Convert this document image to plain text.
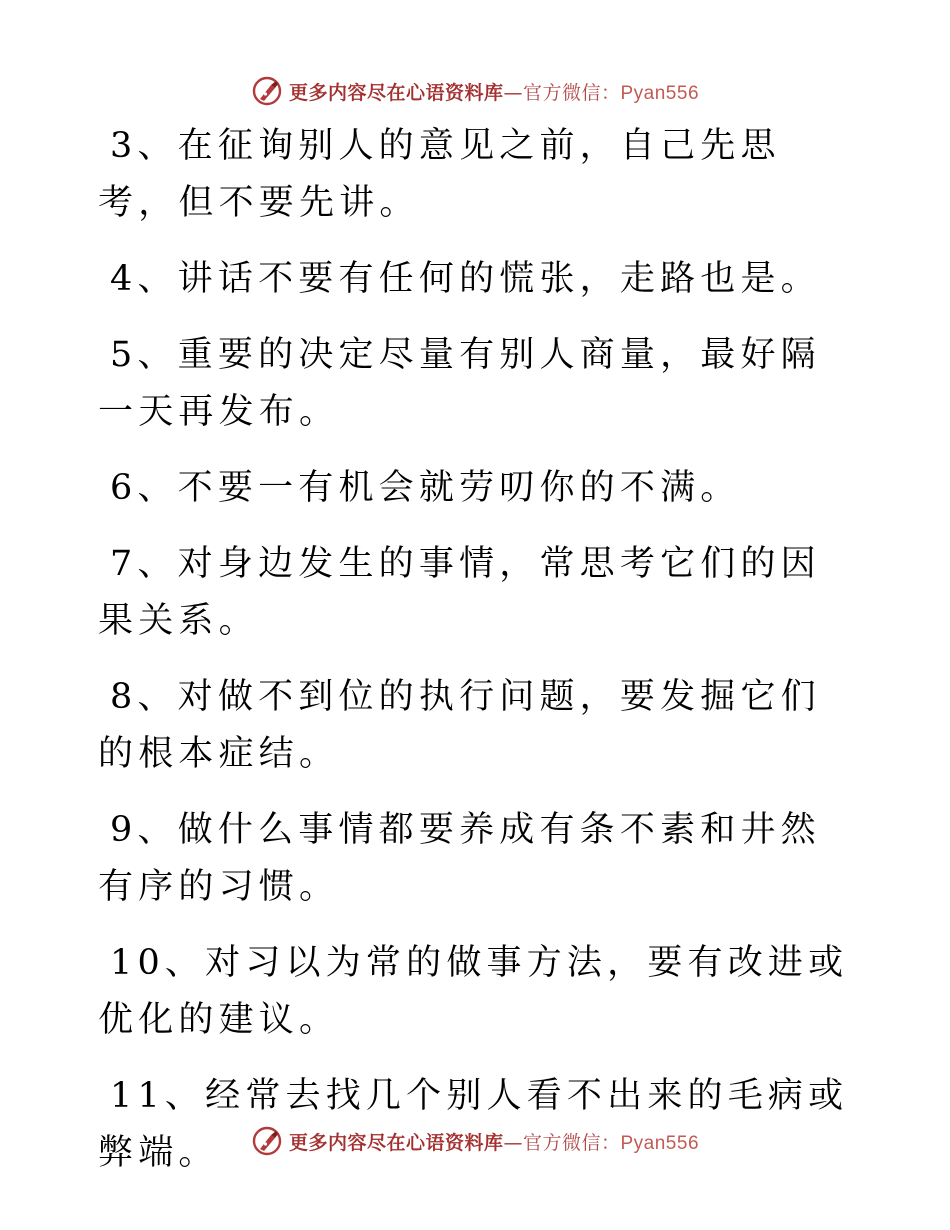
更多内容尽在心语资料库—官方微信：Pyan556

3、在征询别人的意见之前，自己先思考，但不要先讲。

4、讲话不要有任何的慌张，走路也是。

5、重要的决定尽量有别人商量，最好隔一天再发布。

6、不要一有机会就劳叨你的不满。

7、对身边发生的事情，常思考它们的因果关系。

8、对做不到位的执行问题，要发掘它们的根本症结。

9、做什么事情都要养成有条不素和井然有序的习惯。

10、对习以为常的做事方法，要有改进或优化的建议。

11、经常去找几个别人看不出来的毛病或弊端。	更多内容尽在心语资料库—官方微信：Pyan556
